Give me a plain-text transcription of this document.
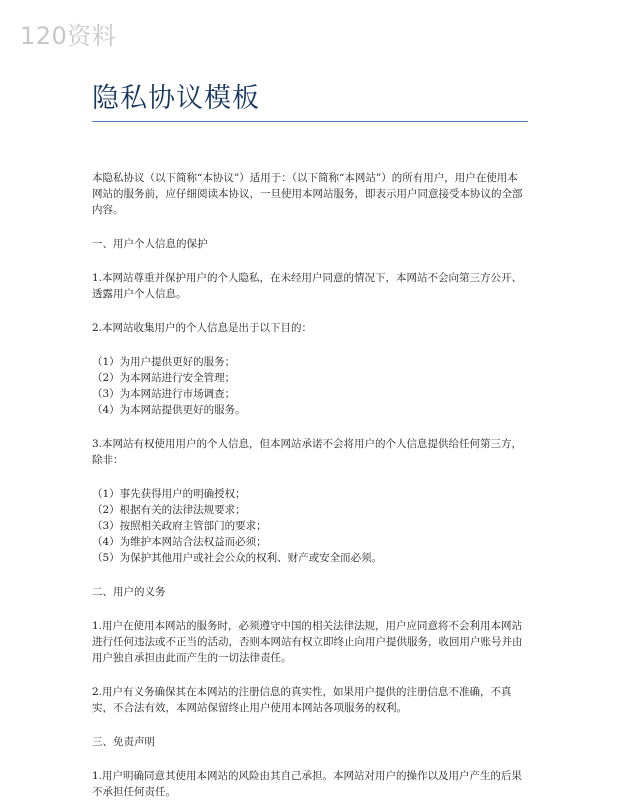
120资料
隐私协议模板

本隐私协议（以下简称“本协议”）适用于：（以下简称“本网站”）的所有用户，用户在使用本网站的服务前，应仔细阅读本协议，一旦使用本网站服务，即表示用户同意接受本协议的全部内容。

一、用户个人信息的保护

1.本网站尊重并保护用户的个人隐私，在未经用户同意的情况下，本网站不会向第三方公开、透露用户个人信息。

2.本网站收集用户的个人信息是出于以下目的：

（1）为用户提供更好的服务；

（2）为本网站进行安全管理；

（3）为本网站进行市场调查；

（4）为本网站提供更好的服务。

3.本网站有权使用用户的个人信息，但本网站承诺不会将用户的个人信息提供给任何第三方，除非：

（1）事先获得用户的明确授权；

（2）根据有关的法律法规要求；

（3）按照相关政府主管部门的要求；

（4）为维护本网站合法权益而必须；

（5）为保护其他用户或社会公众的权利、财产或安全而必须。

二、用户的义务

1.用户在使用本网站的服务时，必须遵守中国的相关法律法规，用户应同意将不会利用本网站进行任何违法或不正当的活动，否则本网站有权立即终止向用户提供服务，收回用户账号并由用户独自承担由此而产生的一切法律责任。

2.用户有义务确保其在本网站的注册信息的真实性，如果用户提供的注册信息不准确，不真实，不合法有效，本网站保留终止用户使用本网站各项服务的权利。

三、免责声明

1.用户明确同意其使用本网站的风险由其自己承担。本网站对用户的操作以及用户产生的后果不承担任何责任。
